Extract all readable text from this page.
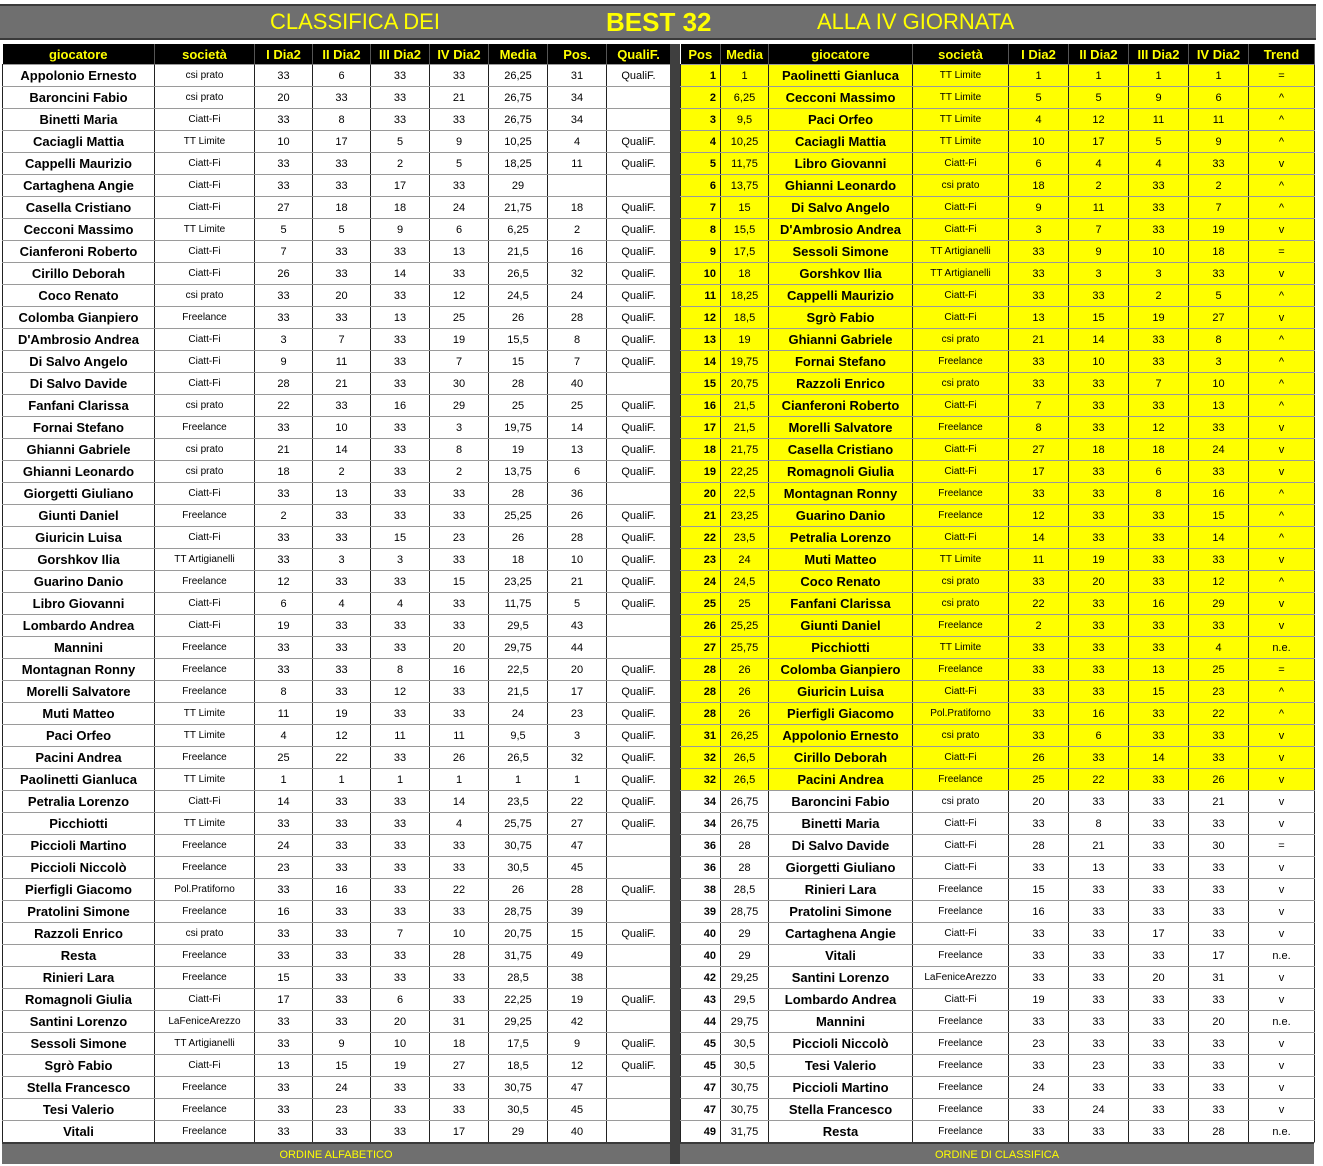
CLASSIFICA DEI	BEST 32	ALLA IV GIORNATA
giocatore	società	I Dia2	II Dia2	III Dia2	IV Dia2	Media	Pos.	QualiF.
Appolonio Ernesto	csi prato	33	6	33	33	26,25	31	QualiF.
Baroncini Fabio	csi prato	20	33	33	21	26,75	34	
Binetti Maria	Ciatt-Fi	33	8	33	33	26,75	34	
Caciagli Mattia	TT Limite	10	17	5	9	10,25	4	QualiF.
Cappelli Maurizio	Ciatt-Fi	33	33	2	5	18,25	11	QualiF.
Cartaghena Angie	Ciatt-Fi	33	33	17	33	29		
Casella Cristiano	Ciatt-Fi	27	18	18	24	21,75	18	QualiF.
Cecconi Massimo	TT Limite	5	5	9	6	6,25	2	QualiF.
Cianferoni Roberto	Ciatt-Fi	7	33	33	13	21,5	16	QualiF.
Cirillo Deborah	Ciatt-Fi	26	33	14	33	26,5	32	QualiF.
Coco Renato	csi prato	33	20	33	12	24,5	24	QualiF.
Colomba Gianpiero	Freelance	33	33	13	25	26	28	QualiF.
D'Ambrosio Andrea	Ciatt-Fi	3	7	33	19	15,5	8	QualiF.
Di Salvo Angelo	Ciatt-Fi	9	11	33	7	15	7	QualiF.
Di Salvo Davide	Ciatt-Fi	28	21	33	30	28	40	
Fanfani Clarissa	csi prato	22	33	16	29	25	25	QualiF.
Fornai Stefano	Freelance	33	10	33	3	19,75	14	QualiF.
Ghianni Gabriele	csi prato	21	14	33	8	19	13	QualiF.
Ghianni Leonardo	csi prato	18	2	33	2	13,75	6	QualiF.
Giorgetti Giuliano	Ciatt-Fi	33	13	33	33	28	36	
Giunti Daniel	Freelance	2	33	33	33	25,25	26	QualiF.
Giuricin Luisa	Ciatt-Fi	33	33	15	23	26	28	QualiF.
Gorshkov Ilia	TT Artigianelli	33	3	3	33	18	10	QualiF.
Guarino Danio	Freelance	12	33	33	15	23,25	21	QualiF.
Libro Giovanni	Ciatt-Fi	6	4	4	33	11,75	5	QualiF.
Lombardo Andrea	Ciatt-Fi	19	33	33	33	29,5	43	
Mannini	Freelance	33	33	33	20	29,75	44	
Montagnan Ronny	Freelance	33	33	8	16	22,5	20	QualiF.
Morelli Salvatore	Freelance	8	33	12	33	21,5	17	QualiF.
Muti Matteo	TT Limite	11	19	33	33	24	23	QualiF.
Paci Orfeo	TT Limite	4	12	11	11	9,5	3	QualiF.
Pacini Andrea	Freelance	25	22	33	26	26,5	32	QualiF.
Paolinetti Gianluca	TT Limite	1	1	1	1	1	1	QualiF.
Petralia Lorenzo	Ciatt-Fi	14	33	33	14	23,5	22	QualiF.
Picchiotti	TT Limite	33	33	33	4	25,75	27	QualiF.
Piccioli Martino	Freelance	24	33	33	33	30,75	47	
Piccioli Niccolò	Freelance	23	33	33	33	30,5	45	
Pierfigli Giacomo	Pol.Pratiforno	33	16	33	22	26	28	QualiF.
Pratolini Simone	Freelance	16	33	33	33	28,75	39	
Razzoli Enrico	csi prato	33	33	7	10	20,75	15	QualiF.
Resta	Freelance	33	33	33	28	31,75	49	
Rinieri Lara	Freelance	15	33	33	33	28,5	38	
Romagnoli Giulia	Ciatt-Fi	17	33	6	33	22,25	19	QualiF.
Santini Lorenzo	LaFeniceArezzo	33	33	20	31	29,25	42	
Sessoli Simone	TT Artigianelli	33	9	10	18	17,5	9	QualiF.
Sgrò Fabio	Ciatt-Fi	13	15	19	27	18,5	12	QualiF.
Stella Francesco	Freelance	33	24	33	33	30,75	47	
Tesi Valerio	Freelance	33	23	33	33	30,5	45	
Vitali	Freelance	33	33	33	17	29	40	
Pos	Media	giocatore	società	I Dia2	II Dia2	III Dia2	IV Dia2	Trend
1	1	Paolinetti Gianluca	TT Limite	1	1	1	1	=
2	6,25	Cecconi Massimo	TT Limite	5	5	9	6	^
3	9,5	Paci Orfeo	TT Limite	4	12	11	11	^
4	10,25	Caciagli Mattia	TT Limite	10	17	5	9	^
5	11,75	Libro Giovanni	Ciatt-Fi	6	4	4	33	v
6	13,75	Ghianni Leonardo	csi prato	18	2	33	2	^
7	15	Di Salvo Angelo	Ciatt-Fi	9	11	33	7	^
8	15,5	D'Ambrosio Andrea	Ciatt-Fi	3	7	33	19	v
9	17,5	Sessoli Simone	TT Artigianelli	33	9	10	18	=
10	18	Gorshkov Ilia	TT Artigianelli	33	3	3	33	v
11	18,25	Cappelli Maurizio	Ciatt-Fi	33	33	2	5	^
12	18,5	Sgrò Fabio	Ciatt-Fi	13	15	19	27	v
13	19	Ghianni Gabriele	csi prato	21	14	33	8	^
14	19,75	Fornai Stefano	Freelance	33	10	33	3	^
15	20,75	Razzoli Enrico	csi prato	33	33	7	10	^
16	21,5	Cianferoni Roberto	Ciatt-Fi	7	33	33	13	^
17	21,5	Morelli Salvatore	Freelance	8	33	12	33	v
18	21,75	Casella Cristiano	Ciatt-Fi	27	18	18	24	v
19	22,25	Romagnoli Giulia	Ciatt-Fi	17	33	6	33	v
20	22,5	Montagnan Ronny	Freelance	33	33	8	16	^
21	23,25	Guarino Danio	Freelance	12	33	33	15	^
22	23,5	Petralia Lorenzo	Ciatt-Fi	14	33	33	14	^
23	24	Muti Matteo	TT Limite	11	19	33	33	v
24	24,5	Coco Renato	csi prato	33	20	33	12	^
25	25	Fanfani Clarissa	csi prato	22	33	16	29	v
26	25,25	Giunti Daniel	Freelance	2	33	33	33	v
27	25,75	Picchiotti	TT Limite	33	33	33	4	n.e.
28	26	Colomba Gianpiero	Freelance	33	33	13	25	=
28	26	Giuricin Luisa	Ciatt-Fi	33	33	15	23	^
28	26	Pierfigli Giacomo	Pol.Pratiforno	33	16	33	22	^
31	26,25	Appolonio Ernesto	csi prato	33	6	33	33	v
32	26,5	Cirillo Deborah	Ciatt-Fi	26	33	14	33	v
32	26,5	Pacini Andrea	Freelance	25	22	33	26	v
34	26,75	Baroncini Fabio	csi prato	20	33	33	21	v
34	26,75	Binetti Maria	Ciatt-Fi	33	8	33	33	v
36	28	Di Salvo Davide	Ciatt-Fi	28	21	33	30	=
36	28	Giorgetti Giuliano	Ciatt-Fi	33	13	33	33	v
38	28,5	Rinieri Lara	Freelance	15	33	33	33	v
39	28,75	Pratolini Simone	Freelance	16	33	33	33	v
40	29	Cartaghena Angie	Ciatt-Fi	33	33	17	33	v
40	29	Vitali	Freelance	33	33	33	17	n.e.
42	29,25	Santini Lorenzo	LaFeniceArezzo	33	33	20	31	v
43	29,5	Lombardo Andrea	Ciatt-Fi	19	33	33	33	v
44	29,75	Mannini	Freelance	33	33	33	20	n.e.
45	30,5	Piccioli Niccolò	Freelance	23	33	33	33	v
45	30,5	Tesi Valerio	Freelance	33	23	33	33	v
47	30,75	Piccioli Martino	Freelance	24	33	33	33	v
47	30,75	Stella Francesco	Freelance	33	24	33	33	v
49	31,75	Resta	Freelance	33	33	33	28	n.e.
ORDINE ALFABETICO	ORDINE DI CLASSIFICA
